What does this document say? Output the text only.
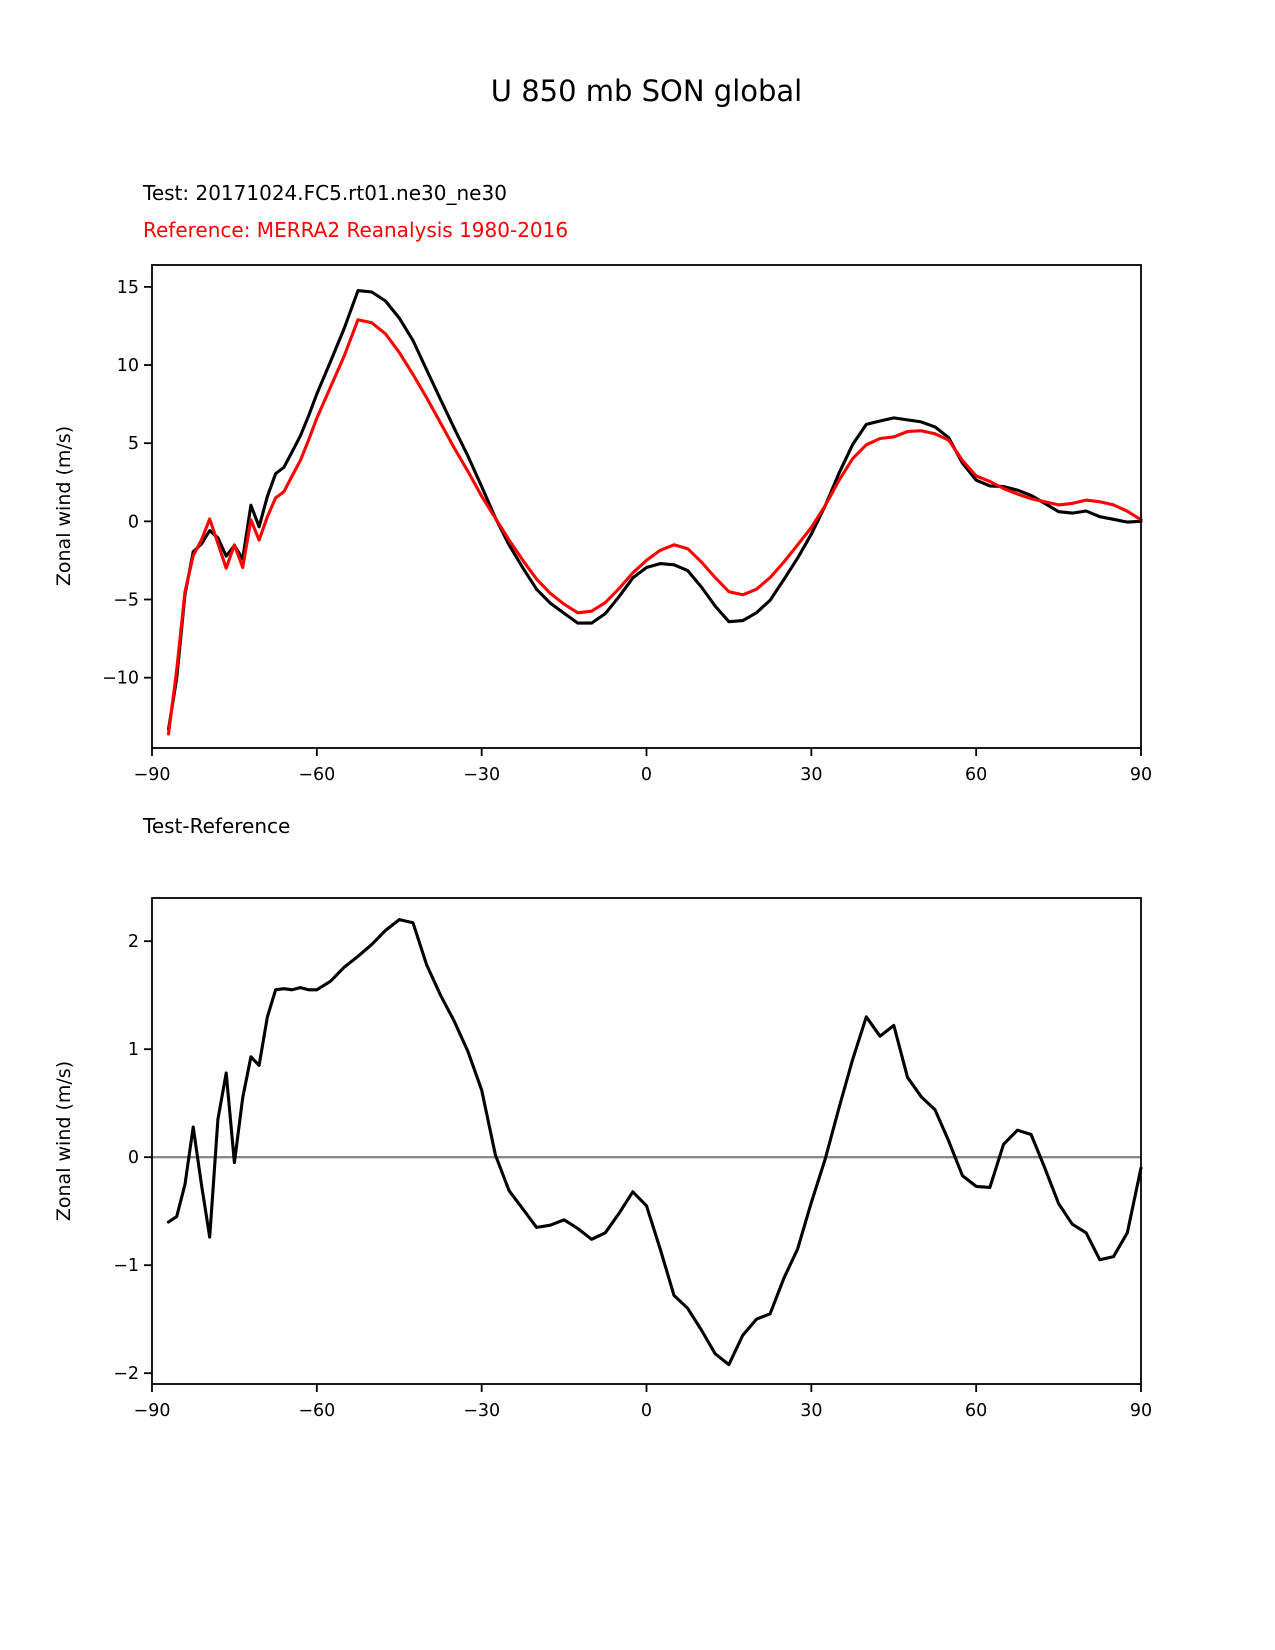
−90	−60	−30	0	30	60	90
−10
−5
0
5
10
15
−90	−60	−30	0	30	60	90
−2
−1
0
1
2
U 850 mb SON global
Test: 20171024.FC5.rt01.ne30_ne30
Reference: MERRA2 Reanalysis 1980-2016
Test-Reference
Zonal wind (m/s)
Zonal wind (m/s)
